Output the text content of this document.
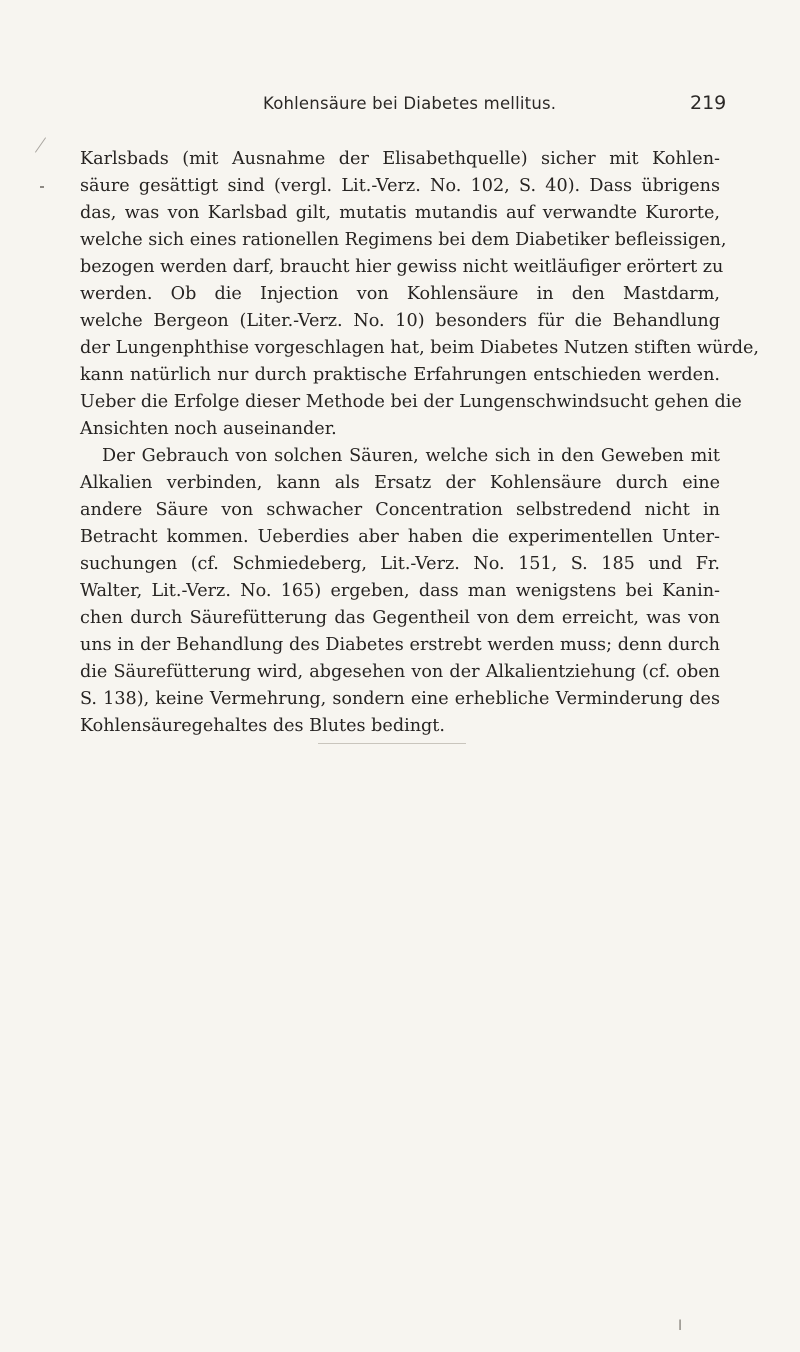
Kohlensäure bei Diabetes mellitus.	219
Karlsbads (mit Ausnahme der Elisabethquelle) sicher mit Kohlen-
säure gesättigt sind (vergl. Lit.-Verz. No. 102, S. 40). Dass übrigens
das, was von Karlsbad gilt, mutatis mutandis auf verwandte Kurorte,
welche sich eines rationellen Regimens bei dem Diabetiker befleissigen,
bezogen werden darf, braucht hier gewiss nicht weitläufiger erörtert zu
werden. Ob die Injection von Kohlensäure in den Mastdarm,
welche Bergeon (Liter.-Verz. No. 10) besonders für die Behandlung
der Lungenphthise vorgeschlagen hat, beim Diabetes Nutzen stiften würde,
kann natürlich nur durch praktische Erfahrungen entschieden werden.
Ueber die Erfolge dieser Methode bei der Lungenschwindsucht gehen die
Ansichten noch auseinander.
Der Gebrauch von solchen Säuren, welche sich in den Geweben mit
Alkalien verbinden, kann als Ersatz der Kohlensäure durch eine
andere Säure von schwacher Concentration selbstredend nicht in
Betracht kommen. Ueberdies aber haben die experimentellen Unter-
suchungen (cf. Schmiedeberg, Lit.-Verz. No. 151, S. 185 und Fr.
Walter, Lit.-Verz. No. 165) ergeben, dass man wenigstens bei Kanin-
chen durch Säurefütterung das Gegentheil von dem erreicht, was von
uns in der Behandlung des Diabetes erstrebt werden muss; denn durch
die Säurefütterung wird, abgesehen von der Alkalientziehung (cf. oben
S. 138), keine Vermehrung, sondern eine erhebliche Verminderung des
Kohlensäuregehaltes des Blutes bedingt.
I
